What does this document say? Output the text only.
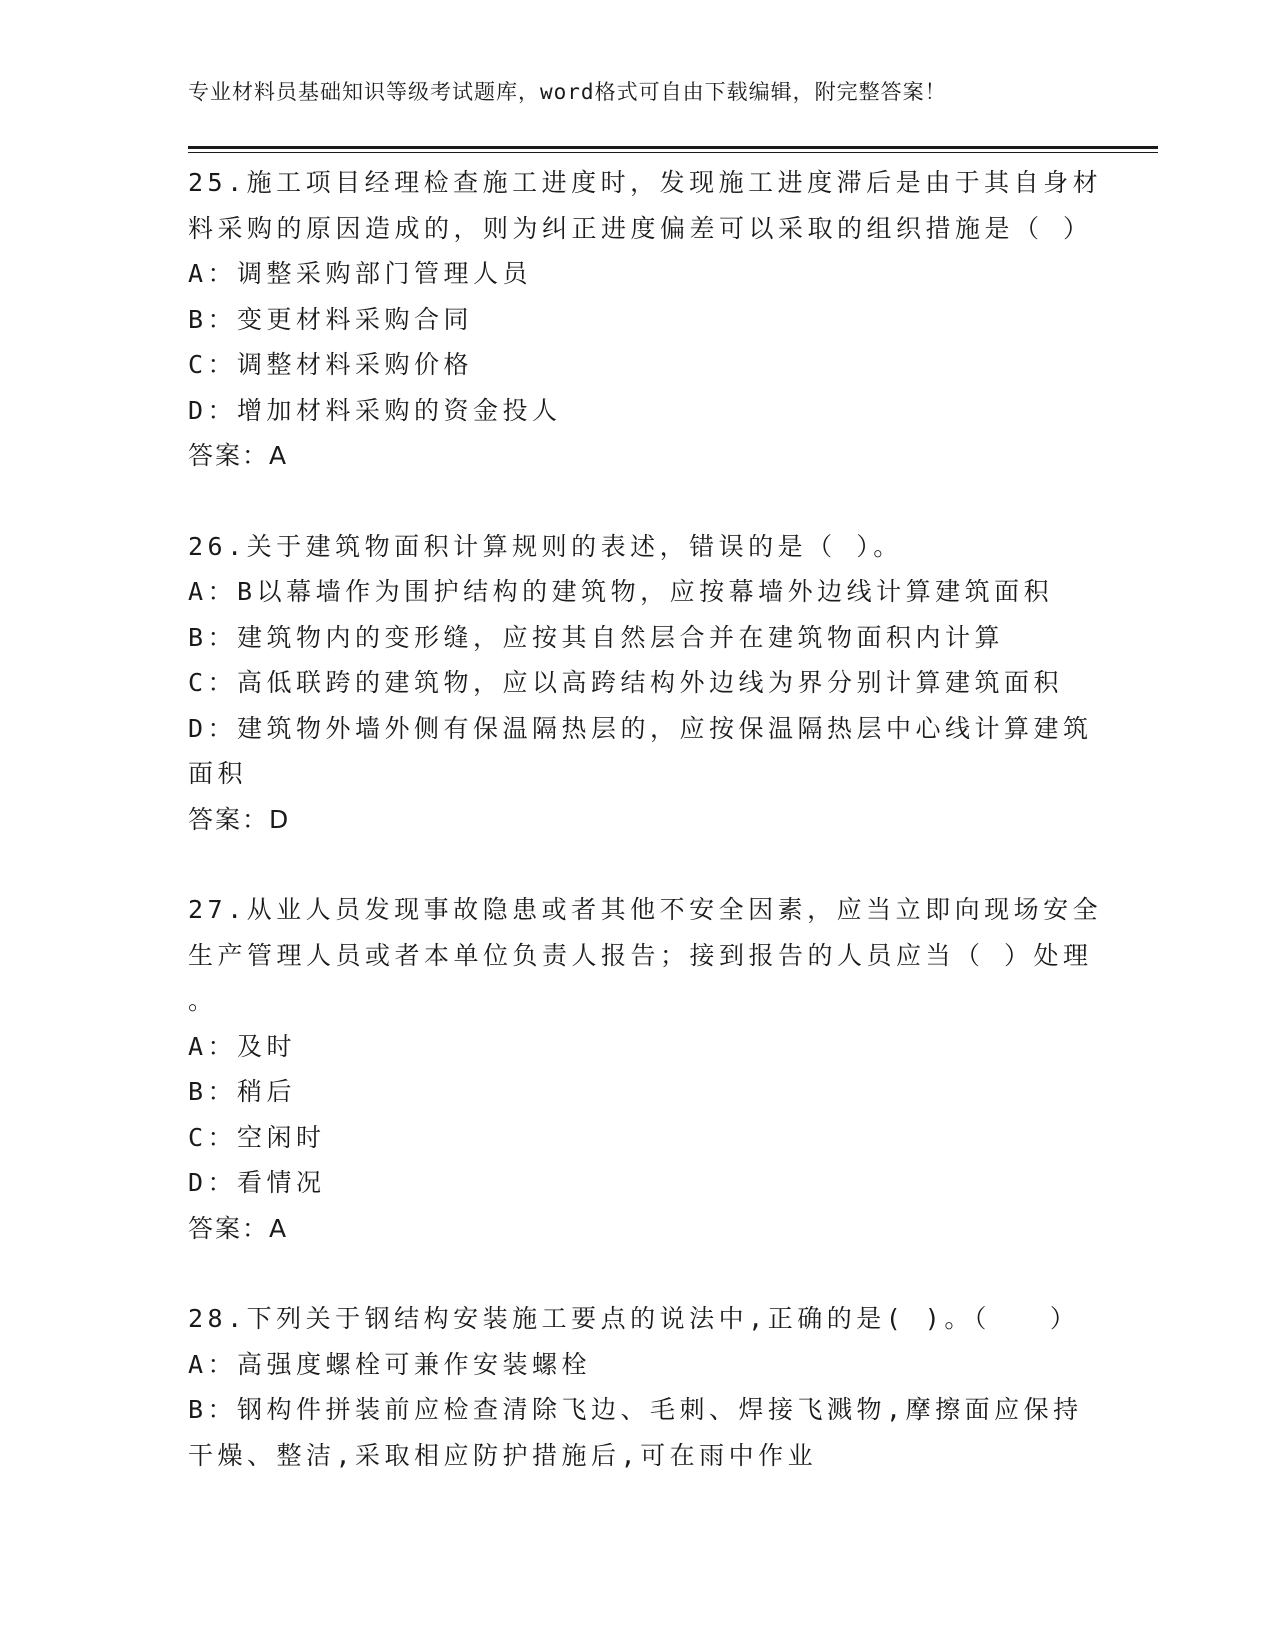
专业材料员基础知识等级考试题库，word格式可自由下载编辑，附完整答案！
25.施工项目经理检查施工进度时，发现施工进度滞后是由于其自身材
料采购的原因造成的，则为纠正进度偏差可以采取的组织措施是（ ）
A：调整采购部门管理人员
B：变更材料采购合同
C：调整材料采购价格
D：增加材料采购的资金投人
答案：A
26.关于建筑物面积计算规则的表述，错误的是（ ）。
A：B以幕墙作为围护结构的建筑物，应按幕墙外边线计算建筑面积
B：建筑物内的变形缝，应按其自然层合并在建筑物面积内计算
C：高低联跨的建筑物，应以高跨结构外边线为界分别计算建筑面积
D：建筑物外墙外侧有保温隔热层的，应按保温隔热层中心线计算建筑
面积
答案：D
27.从业人员发现事故隐患或者其他不安全因素，应当立即向现场安全
生产管理人员或者本单位负责人报告；接到报告的人员应当（ ）处理
。
A：及时
B：稍后
C：空闲时
D：看情况
答案：A
28.下列关于钢结构安装施工要点的说法中,正确的是( )。（　　）
A：高强度螺栓可兼作安装螺栓
B：钢构件拼装前应检查清除飞边、毛刺、焊接飞溅物,摩擦面应保持
干燥、整洁,采取相应防护措施后,可在雨中作业
